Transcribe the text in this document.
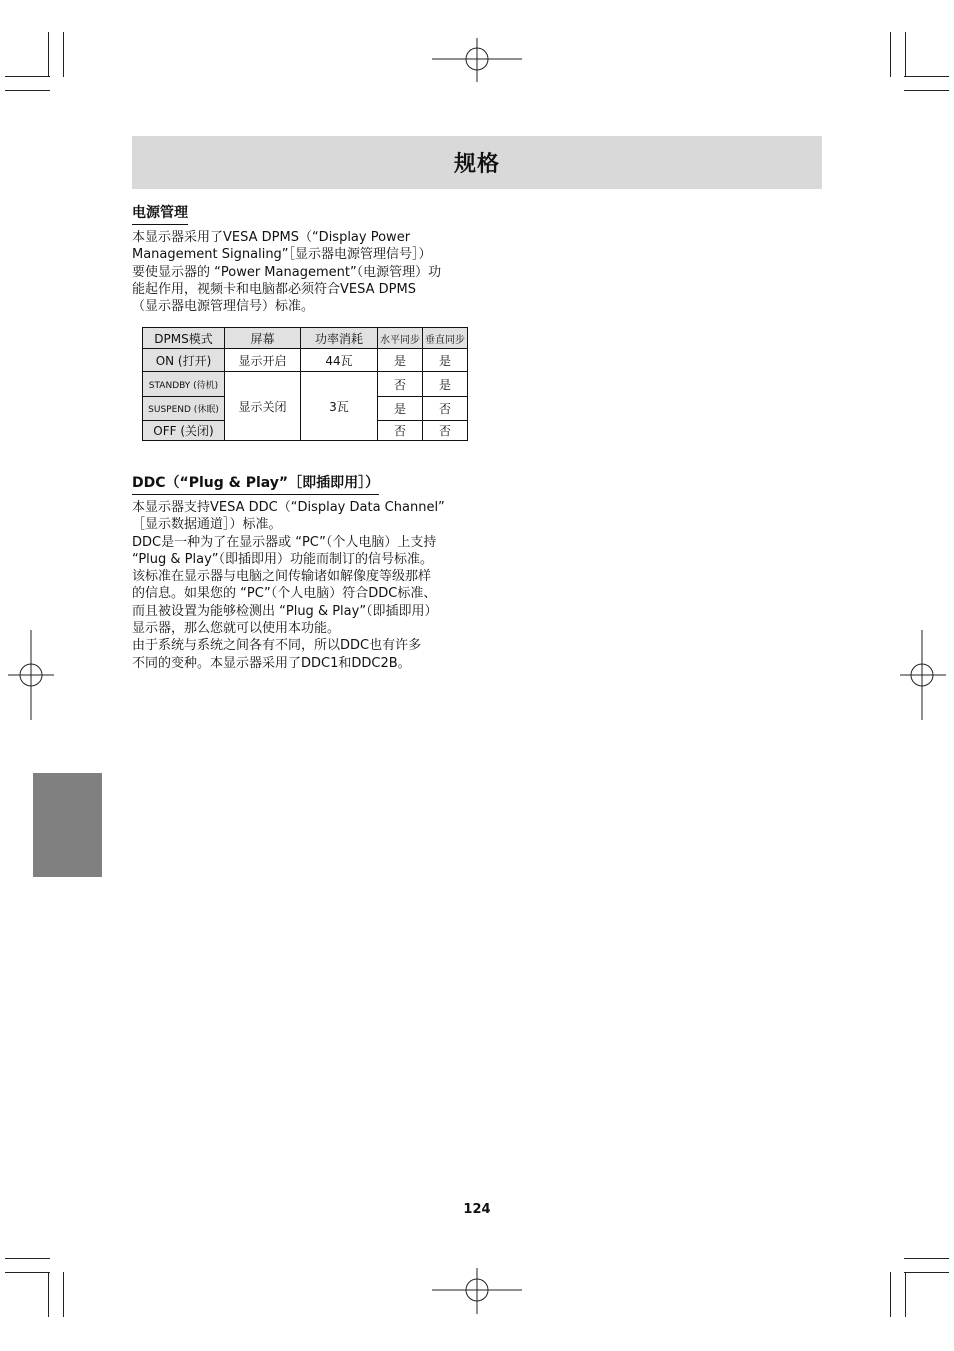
规格
电源管理
本显示器采用了VESA DPMS（“Display Power
Management Signaling”［显示器电源管理信号］）
要使显示器的 “Power Management”（电源管理）功
能起作用，视频卡和电脑都必须符合VESA DPMS
（显示器电源管理信号）标准。
DPMS模式	屏幕	功率消耗	水平同步	垂直同步
ON (打开)	显示开启	44瓦	是	是
STANDBY (待机)	显示关闭	3瓦	否	是
SUSPEND (休眠)			是	否
OFF (关闭)			否	否
DDC（“Plug & Play”［即插即用］）
本显示器支持VESA DDC（“Display Data Channel”
［显示数据通道］）标准。
DDC是一种为了在显示器或 “PC”（个人电脑）上支持
“Plug & Play”（即插即用）功能而制订的信号标准。
该标准在显示器与电脑之间传输诸如解像度等级那样
的信息。如果您的 “PC”（个人电脑）符合DDC标准、
而且被设置为能够检测出 “Plug & Play”（即插即用）
显示器，那么您就可以使用本功能。
由于系统与系统之间各有不同，所以DDC也有许多
不同的变种。本显示器采用了DDC1和DDC2B。
124
